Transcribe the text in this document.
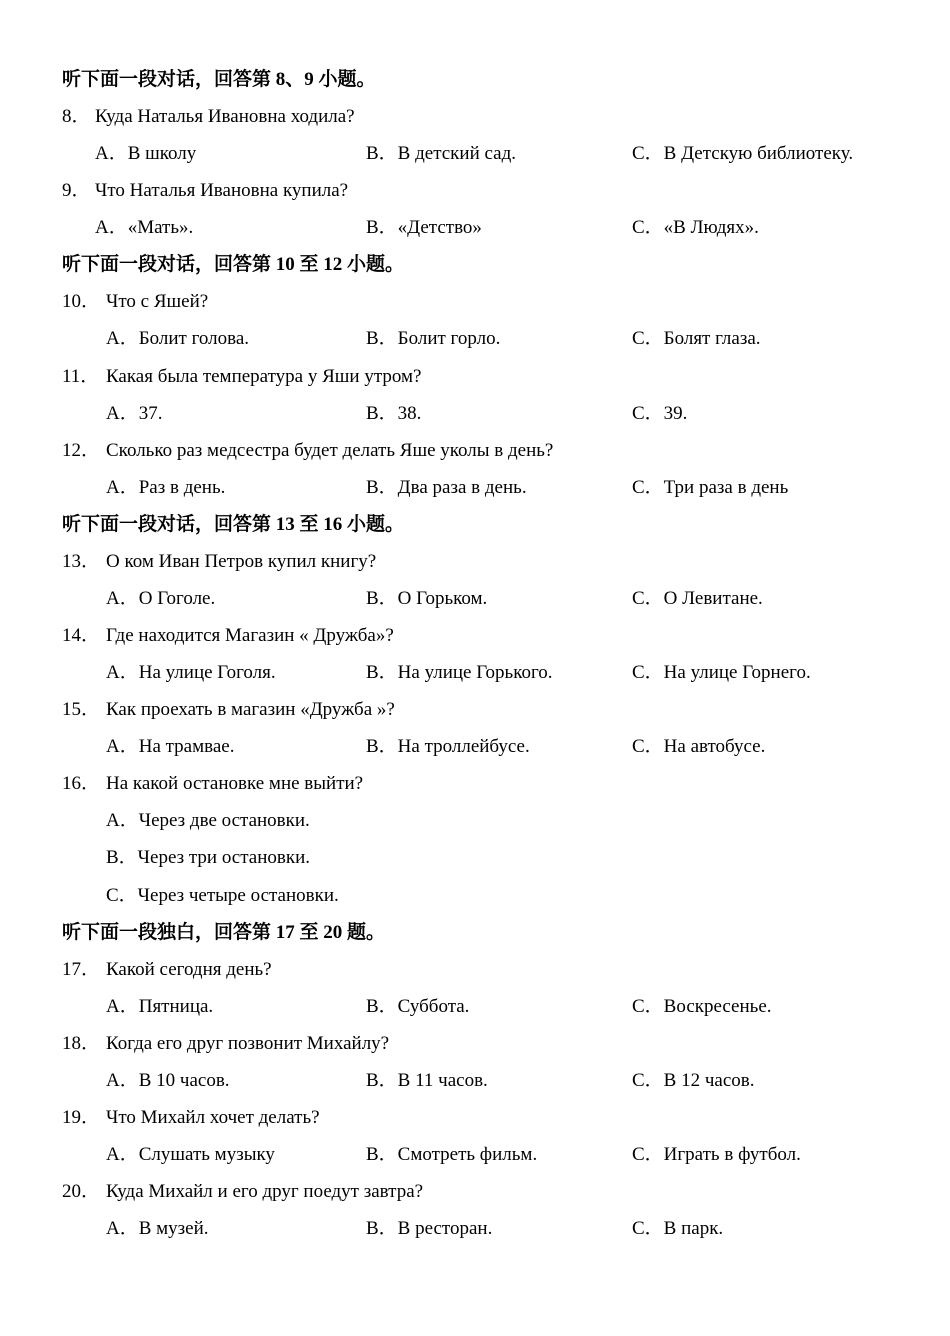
听下面一段对话，回答第 8、9 小题。
8． Куда Наталья Ивановна ходила?
A．В школу	B．В детский сад.	C．В Детскую библиотеку.
9． Что Наталья Ивановна купила?
A．«Мать».	B．«Детство»	C．«В Людях».
听下面一段对话，回答第 10 至 12 小题。
10． Что с Яшей?
A．Болит голова.	B．Болит горло.	C．Болят глаза.
11． Какая была температура у Яши утром?
A．37.	B．38.	C．39.
12． Сколько раз медсестра будет делать Яше уколы в день?
A．Раз в день.	B．Два раза в день.	C．Три раза в день
听下面一段对话，回答第 13 至 16 小题。
13． О ком Иван Петров купил книгу?
A．О Гоголе.	B．О Горьком.	C．О Левитане.
14． Где находится Магазин « Дружба»?
A．На улице Гоголя.	B．На улице Горького.	C．На улице Горнего.
15． Как проехать в магазин «Дружба »?
A．На трамвае.	B．На троллейбусе.	C．На автобусе.
16． На какой остановке мне выйти?
A．Через две остановки.
B．Через три остановки.
C．Через четыре остановки.
听下面一段独白，回答第 17 至 20 题。
17． Какой сегодня день?
A．Пятница.	B．Суббота.	C．Воскресенье.
18． Когда его друг позвонит Михайлу?
A．В 10 часов.	B．В 11 часов.	C．В 12 часов.
19． Что Михайл хочет делать?
A．Слушать музыку	B．Смотреть фильм.	C．Играть в футбол.
20． Куда Михайл и его друг поедут завтра?
A．В музей.	B．В ресторан.	C．В парк.
